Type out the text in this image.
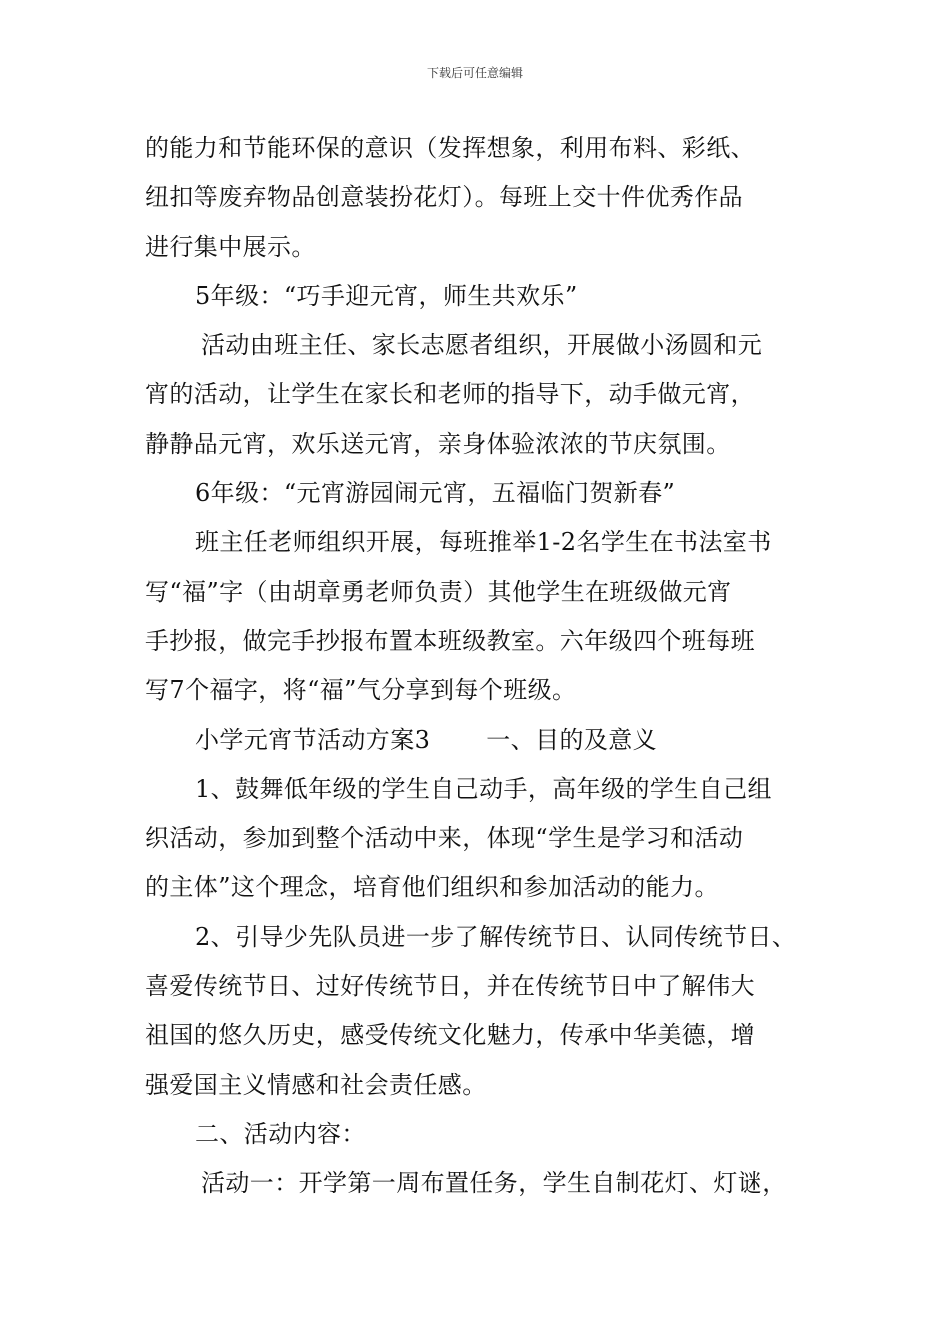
下载后可任意编辑
的能力和节能环保的意识（发挥想象，利用布料、彩纸、
纽扣等废弃物品创意装扮花灯）。每班上交十件优秀作品
进行集中展示。
5年级：“巧手迎元宵，师生共欢乐”
活动由班主任、家长志愿者组织，开展做小汤圆和元
宵的活动，让学生在家长和老师的指导下，动手做元宵，
静静品元宵，欢乐送元宵，亲身体验浓浓的节庆氛围。
6年级：“元宵游园闹元宵，五福临门贺新春”
班主任老师组织开展，每班推举1-2名学生在书法室书
写“福”字（由胡章勇老师负责）其他学生在班级做元宵
手抄报，做完手抄报布置本班级教室。六年级四个班每班
写7个福字，将“福”气分享到每个班级。
小学元宵节活动方案3 一、目的及意义
1、鼓舞低年级的学生自己动手，高年级的学生自己组
织活动，参加到整个活动中来，体现“学生是学习和活动
的主体”这个理念，培育他们组织和参加活动的能力。
2、引导少先队员进一步了解传统节日、认同传统节日、
喜爱传统节日、过好传统节日，并在传统节日中了解伟大
祖国的悠久历史，感受传统文化魅力，传承中华美德，增
强爱国主义情感和社会责任感。
二、活动内容：
活动一：开学第一周布置任务，学生自制花灯、灯谜，
